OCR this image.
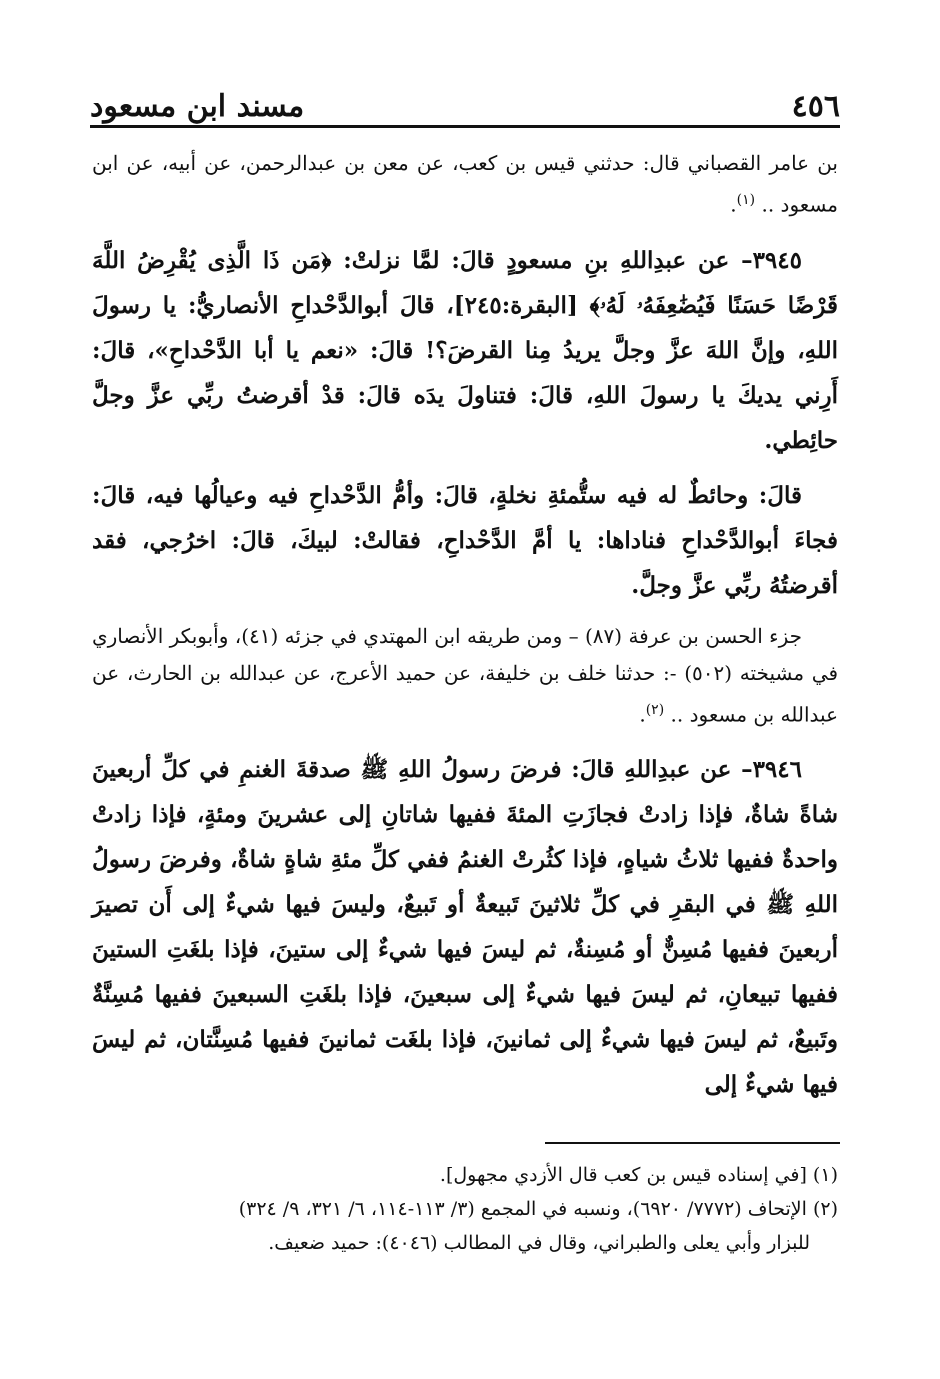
٤٥٦
مسند ابن مسعود

بن عامر القصباني قال: حدثني قيس بن كعب، عن معن بن عبدالرحمن، عن أبيه، عن ابن مسعود .. $^{(١)}$.

٣٩٤٥– عن عبدِاللهِ بنِ مسعودٍ قالَ: لمَّا نزلتْ: ﴿مَن ذَا الَّذِى يُقْرِضُ اللَّهَ قَرْضًا حَسَنًا فَيُضَٰعِفَهُۥ لَهُۥ﴾ [البقرة:٢٤٥]، قالَ أبوالدَّحْداحِ الأنصاريُّ: يا رسولَ اللهِ، وإنَّ اللهَ عزَّ وجلَّ يريدُ مِنا القرضَ؟! قالَ: «نعم يا أبا الدَّحْداحِ»، قالَ: أَرِني يديكَ يا رسولَ اللهِ، قالَ: فتناولَ يدَه قالَ: قدْ أقرضتُ ربِّي عزَّ وجلَّ حائِطي.

قالَ: وحائطٌ له فيه ستُّمئةِ نخلةٍ، قالَ: وأمُّ الدَّحْداحِ فيه وعيالُها فيه، قالَ: فجاءَ أبوالدَّحْداحِ فناداها: يا أمَّ الدَّحْداحِ، فقالتْ: لبيكَ، قالَ: اخرُجي، فقد أقرضتُهُ ربِّي عزَّ وجلَّ.

جزء الحسن بن عرفة (٨٧) – ومن طريقه ابن المهتدي في جزئه (٤١)، وأبوبكر الأنصاري في مشيخته (٥٠٢) -: حدثنا خلف بن خليفة، عن حميد الأعرج، عن عبدالله بن الحارث، عن عبدالله بن مسعود .. $^{(٢)}$.

٣٩٤٦– عن عبدِاللهِ قالَ: فرضَ رسولُ اللهِ ﷺ صدقةَ الغنمِ في كلِّ أربعينَ شاةً شاةٌ، فإذا زادتْ فجازَتِ المئةَ ففيها شاتانِ إلى عشرينَ ومئةٍ، فإذا زادتْ واحدةٌ ففيها ثلاثُ شياهٍ، فإذا كثُرتْ الغنمُ ففي كلِّ مئةِ شاةٍ شاةٌ، وفرضَ رسولُ اللهِ ﷺ في البقرِ في كلِّ ثلاثينَ تَبيعةٌ أو تَبيعٌ، وليسَ فيها شيءٌ إلى أَن تصيرَ أربعينَ ففيها مُسِنٌّ أو مُسِنةٌ، ثم ليسَ فيها شيءٌ إلى ستينَ، فإذا بلغَتِ الستينَ ففيها تبيعانِ، ثم ليسَ فيها شيءٌ إلى سبعينَ، فإذا بلغَتِ السبعينَ ففيها مُسِنَّةٌ وتَبيعٌ، ثم ليسَ فيها شيءٌ إلى ثمانينَ، فإذا بلغَت ثمانينَ ففيها مُسِنَّتان، ثم ليسَ فيها شيءٌ إلى

(١) [في إسناده قيس بن كعب قال الأزدي مجهول].

(٢) الإتحاف (٧٧٧٢/ ٦٩٢٠)، ونسبه في المجمع (٣/ ١١٣-١١٤، ٦/ ٣٢١، ٩/ ٣٢٤)

للبزار وأبي يعلى والطبراني، وقال في المطالب (٤٠٤٦): حميد ضعيف.
